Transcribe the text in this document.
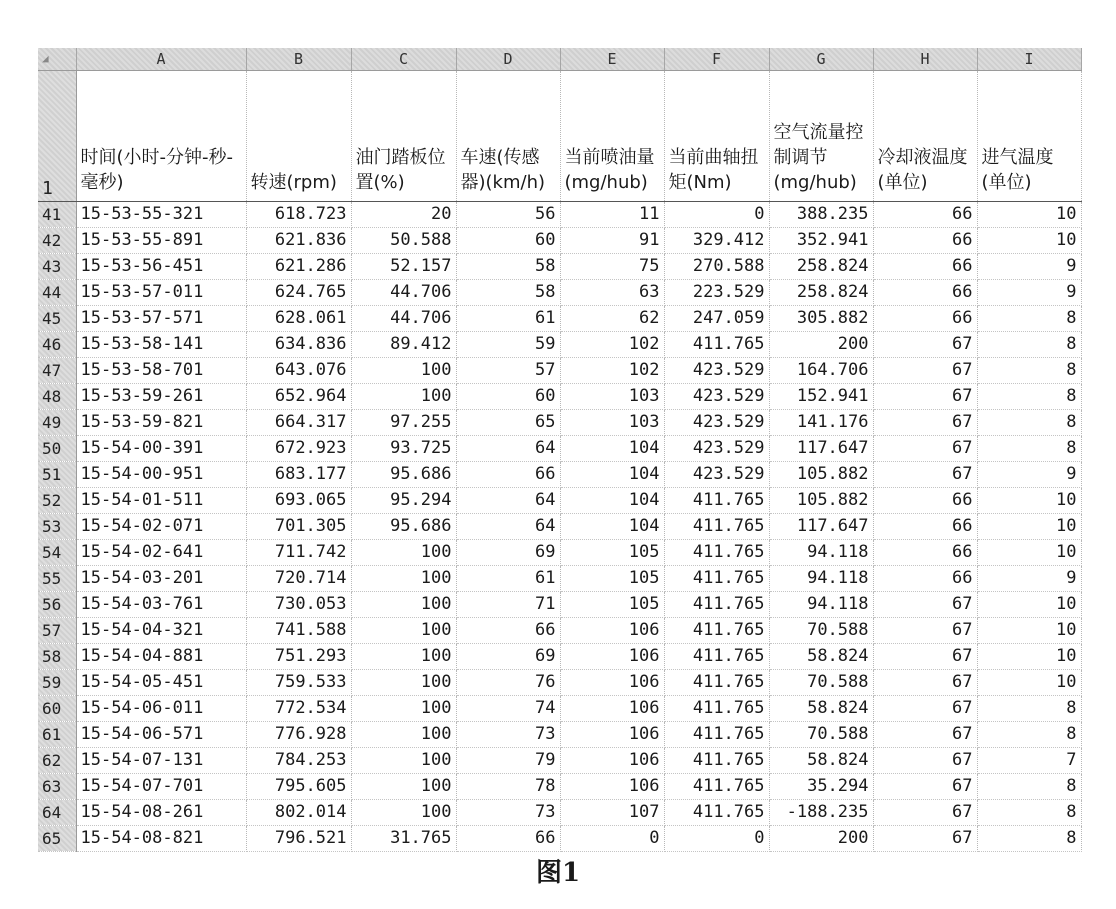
◢	A	B	C	D	E	F	G	H	I
1	时间(小时-分钟-秒-毫秒)	转速(rpm)	油门踏板位置(%)	车速(传感器)(km/h)	当前喷油量(mg/hub)	当前曲轴扭矩(Nm)	空气流量控制调节(mg/hub)	冷却液温度(单位)	进气温度(单位)
41	15-53-55-321	618.723	20	56	11	0	388.235	66	10
42	15-53-55-891	621.836	50.588	60	91	329.412	352.941	66	10
43	15-53-56-451	621.286	52.157	58	75	270.588	258.824	66	9
44	15-53-57-011	624.765	44.706	58	63	223.529	258.824	66	9
45	15-53-57-571	628.061	44.706	61	62	247.059	305.882	66	8
46	15-53-58-141	634.836	89.412	59	102	411.765	200	67	8
47	15-53-58-701	643.076	100	57	102	423.529	164.706	67	8
48	15-53-59-261	652.964	100	60	103	423.529	152.941	67	8
49	15-53-59-821	664.317	97.255	65	103	423.529	141.176	67	8
50	15-54-00-391	672.923	93.725	64	104	423.529	117.647	67	8
51	15-54-00-951	683.177	95.686	66	104	423.529	105.882	67	9
52	15-54-01-511	693.065	95.294	64	104	411.765	105.882	66	10
53	15-54-02-071	701.305	95.686	64	104	411.765	117.647	66	10
54	15-54-02-641	711.742	100	69	105	411.765	94.118	66	10
55	15-54-03-201	720.714	100	61	105	411.765	94.118	66	9
56	15-54-03-761	730.053	100	71	105	411.765	94.118	67	10
57	15-54-04-321	741.588	100	66	106	411.765	70.588	67	10
58	15-54-04-881	751.293	100	69	106	411.765	58.824	67	10
59	15-54-05-451	759.533	100	76	106	411.765	70.588	67	10
60	15-54-06-011	772.534	100	74	106	411.765	58.824	67	8
61	15-54-06-571	776.928	100	73	106	411.765	70.588	67	8
62	15-54-07-131	784.253	100	79	106	411.765	58.824	67	7
63	15-54-07-701	795.605	100	78	106	411.765	35.294	67	8
64	15-54-08-261	802.014	100	73	107	411.765	-188.235	67	8
65	15-54-08-821	796.521	31.765	66	0	0	200	67	8
图1
